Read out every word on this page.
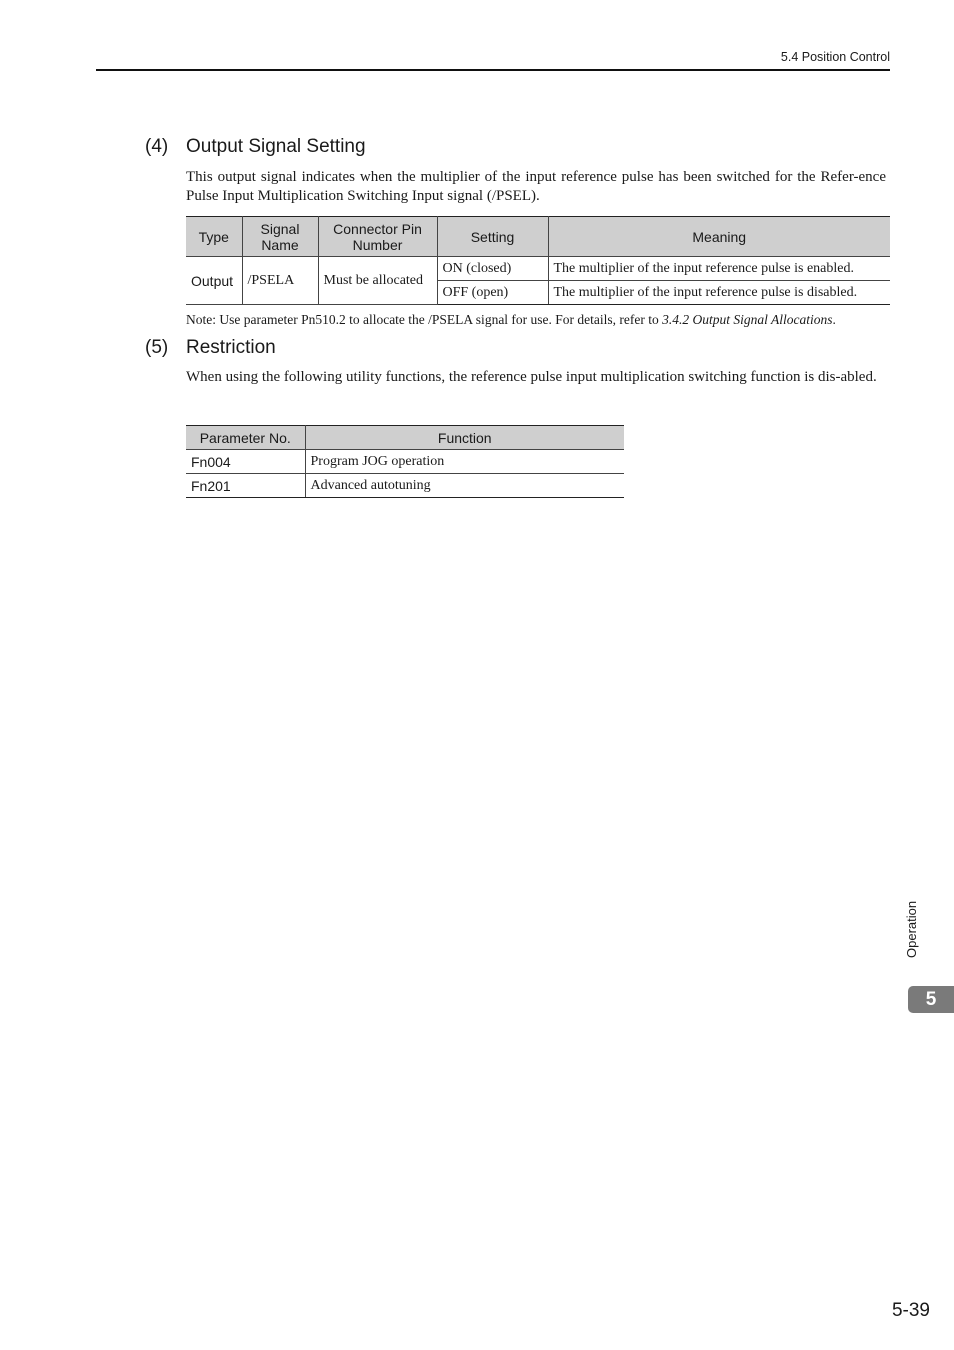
5.4 Position Control
(4) Output Signal Setting
This output signal indicates when the multiplier of the input reference pulse has been switched for the Refer-ence Pulse Input Multiplication Switching Input signal (/PSEL).
Type	Signal Name	Connector Pin Number	Setting	Meaning
Output	/PSELA	Must be allocated	ON (closed)	The multiplier of the input reference pulse is enabled.
			OFF (open)	The multiplier of the input reference pulse is disabled.
Note: Use parameter Pn510.2 to allocate the /PSELA signal for use. For details, refer to 3.4.2 Output Signal Allocations.
(5) Restriction
When using the following utility functions, the reference pulse input multiplication switching function is dis-abled.
Parameter No.	Function
Fn004	Program JOG operation
Fn201	Advanced autotuning
Operation
5
5-39
